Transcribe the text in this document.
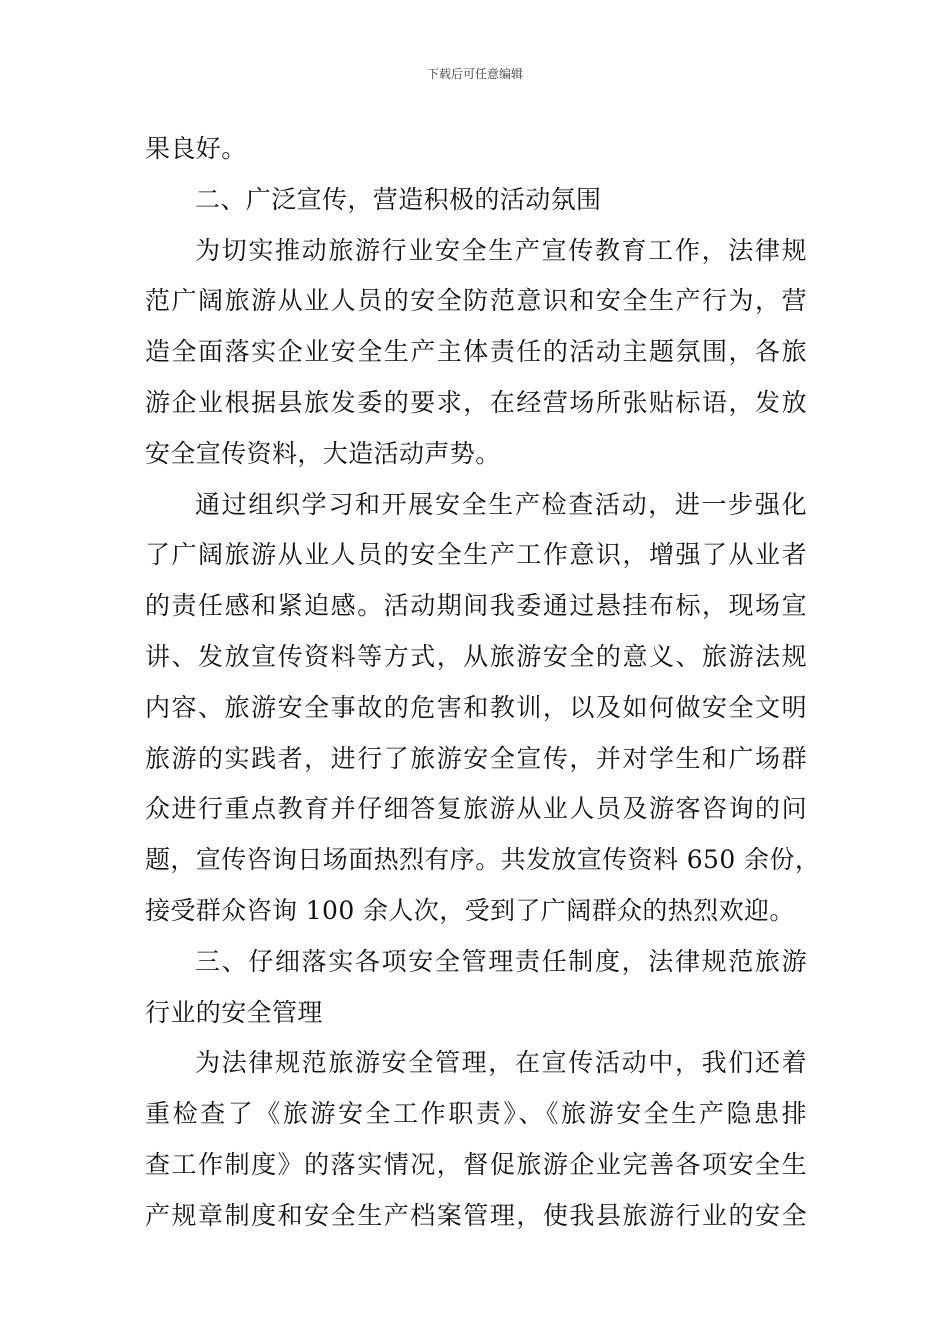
下载后可任意编辑
果良好。
二、广泛宣传，营造积极的活动氛围
为切实推动旅游行业安全生产宣传教育工作，法律规
范广阔旅游从业人员的安全防范意识和安全生产行为，营
造全面落实企业安全生产主体责任的活动主题氛围，各旅
游企业根据县旅发委的要求，在经营场所张贴标语，发放
安全宣传资料，大造活动声势。
通过组织学习和开展安全生产检查活动，进一步强化
了广阔旅游从业人员的安全生产工作意识，增强了从业者
的责任感和紧迫感。活动期间我委通过悬挂布标，现场宣
讲、发放宣传资料等方式，从旅游安全的意义、旅游法规
内容、旅游安全事故的危害和教训，以及如何做安全文明
旅游的实践者，进行了旅游安全宣传，并对学生和广场群
众进行重点教育并仔细答复旅游从业人员及游客咨询的问
题，宣传咨询日场面热烈有序。共发放宣传资料 650 余份，
接受群众咨询 100 余人次，受到了广阔群众的热烈欢迎。
三、仔细落实各项安全管理责任制度，法律规范旅游
行业的安全管理
为法律规范旅游安全管理，在宣传活动中，我们还着
重检查了《旅游安全工作职责》、《旅游安全生产隐患排
查工作制度》的落实情况，督促旅游企业完善各项安全生
产规章制度和安全生产档案管理，使我县旅游行业的安全
